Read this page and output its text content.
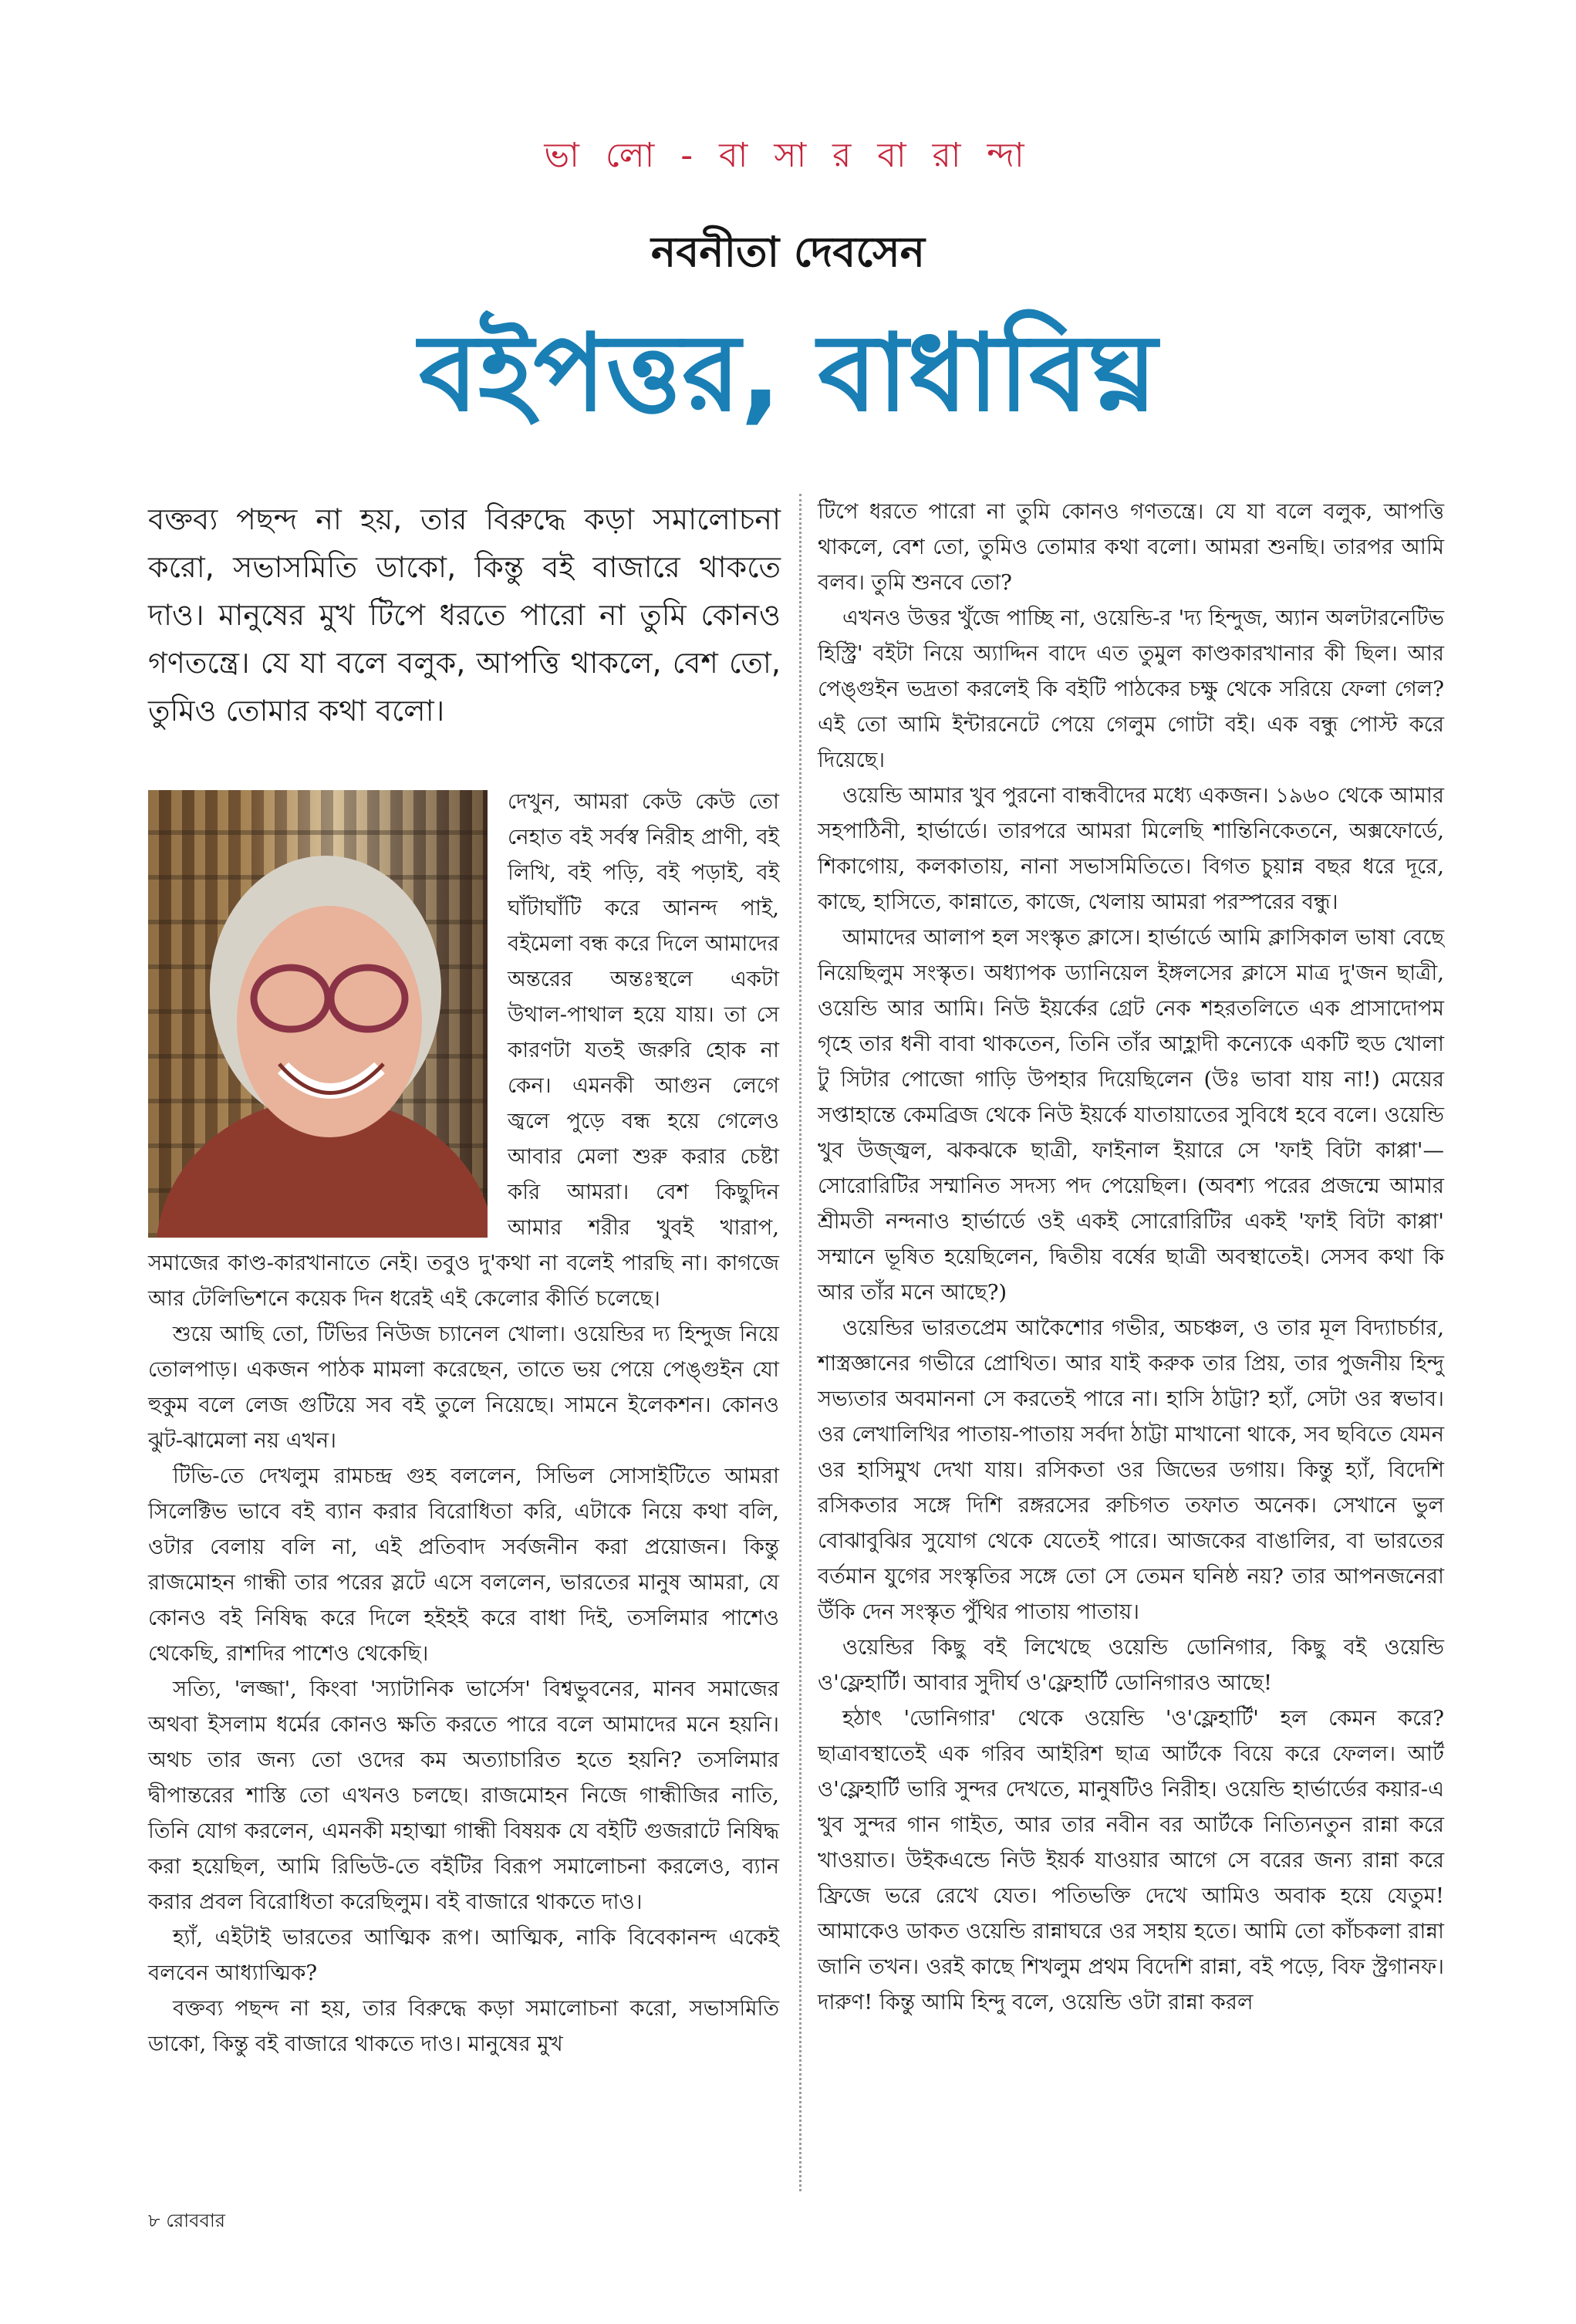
ভা লো - বা সা র বা রা ন্দা
নবনীতা দেবসেন
বইপত্তর, বাধাবিঘ্ন
বক্তব্য পছন্দ না হয়, তার বিরুদ্ধে কড়া সমালোচনা করো, সভাসমিতি ডাকো, কিন্তু বই বাজারে থাকতে দাও। মানুষের মুখ টিপে ধরতে পারো না তুমি কোনও গণতন্ত্রে। যে যা বলে বলুক, আপত্তি থাকলে, বেশ তো, তুমিও তোমার কথা বলো।

দেখুন, আমরা কেউ কেউ তো নেহাত বই সর্বস্ব নিরীহ প্রাণী, বই লিখি, বই পড়ি, বই পড়াই, বই ঘাঁটাঘাঁটি করে আনন্দ পাই, বইমেলা বন্ধ করে দিলে আমাদের অন্তরের অন্তঃস্থলে একটা উথাল-পাথাল হয়ে যায়। তা সে কারণটা যতই জরুরি হোক না কেন। এমনকী আগুন লেগে জ্বলে পুড়ে বন্ধ হয়ে গেলেও আবার মেলা শুরু করার চেষ্টা করি আমরা। বেশ কিছুদিন আমার শরীর খুবই খারাপ, সমাজের কাণ্ড-কারখানাতে নেই। তবুও দু'কথা না বলেই পারছি না। কাগজে আর টেলিভিশনে কয়েক দিন ধরেই এই কেলোর কীর্তি চলেছে।

শুয়ে আছি তো, টিভির নিউজ চ্যানেল খোলা। ওয়েন্ডির দ্য হিন্দুজ নিয়ে তোলপাড়। একজন পাঠক মামলা করেছেন, তাতে ভয় পেয়ে পেঙ্গুইন যো হুকুম বলে লেজ গুটিয়ে সব বই তুলে নিয়েছে। সামনে ইলেকশন। কোনও ঝুট-ঝামেলা নয় এখন।

টিভি-তে দেখলুম রামচন্দ্র গুহ বললেন, সিভিল সোসাইটিতে আমরা সিলেক্টিভ ভাবে বই ব্যান করার বিরোধিতা করি, এটাকে নিয়ে কথা বলি, ওটার বেলায় বলি না, এই প্রতিবাদ সর্বজনীন করা প্রয়োজন। কিন্তু রাজমোহন গান্ধী তার পরের স্লটে এসে বললেন, ভারতের মানুষ আমরা, যে কোনও বই নিষিদ্ধ করে দিলে হইহই করে বাধা দিই, তসলিমার পাশেও থেকেছি, রাশদির পাশেও থেকেছি।

সত্যি, 'লজ্জা', কিংবা 'স্যাটানিক ভার্সেস' বিশ্বভুবনের, মানব সমাজের অথবা ইসলাম ধর্মের কোনও ক্ষতি করতে পারে বলে আমাদের মনে হয়নি। অথচ তার জন্য তো ওদের কম অত্যাচারিত হতে হয়নি? তসলিমার দ্বীপান্তরের শাস্তি তো এখনও চলছে। রাজমোহন নিজে গান্ধীজির নাতি, তিনি যোগ করলেন, এমনকী মহাত্মা গান্ধী বিষয়ক যে বইটি গুজরাটে নিষিদ্ধ করা হয়েছিল, আমি রিভিউ-তে বইটির বিরূপ সমালোচনা করলেও, ব্যান করার প্রবল বিরোধিতা করেছিলুম। বই বাজারে থাকতে দাও।

হ্যাঁ, এইটাই ভারতের আত্মিক রূপ। আত্মিক, নাকি বিবেকানন্দ একেই বলবেন আধ্যাত্মিক?

বক্তব্য পছন্দ না হয়, তার বিরুদ্ধে কড়া সমালোচনা করো, সভাসমিতি ডাকো, কিন্তু বই বাজারে থাকতে দাও। মানুষের মুখ

টিপে ধরতে পারো না তুমি কোনও গণতন্ত্রে। যে যা বলে বলুক, আপত্তি থাকলে, বেশ তো, তুমিও তোমার কথা বলো। আমরা শুনছি। তারপর আমি বলব। তুমি শুনবে তো?

এখনও উত্তর খুঁজে পাচ্ছি না, ওয়েন্ডি-র 'দ্য হিন্দুজ, অ্যান অলটারনেটিভ হিস্ট্রি' বইটা নিয়ে অ্যাদ্দিন বাদে এত তুমুল কাণ্ডকারখানার কী ছিল। আর পেঙ্গুইন ভদ্রতা করলেই কি বইটি পাঠকের চক্ষু থেকে সরিয়ে ফেলা গেল? এই তো আমি ইন্টারনেটে পেয়ে গেলুম গোটা বই। এক বন্ধু পোস্ট করে দিয়েছে।

ওয়েন্ডি আমার খুব পুরনো বান্ধবীদের মধ্যে একজন। ১৯৬০ থেকে আমার সহপাঠিনী, হার্ভার্ডে। তারপরে আমরা মিলেছি শান্তিনিকেতনে, অক্সফোর্ডে, শিকাগোয়, কলকাতায়, নানা সভাসমিতিতে। বিগত চুয়ান্ন বছর ধরে দূরে, কাছে, হাসিতে, কান্নাতে, কাজে, খেলায় আমরা পরস্পরের বন্ধু।

আমাদের আলাপ হল সংস্কৃত ক্লাসে। হার্ভার্ডে আমি ক্লাসিকাল ভাষা বেছে নিয়েছিলুম সংস্কৃত। অধ্যাপক ড্যানিয়েল ইঙ্গলসের ক্লাসে মাত্র দু'জন ছাত্রী, ওয়েন্ডি আর আমি। নিউ ইয়র্কের গ্রেট নেক শহরতলিতে এক প্রাসাদোপম গৃহে তার ধনী বাবা থাকতেন, তিনি তাঁর আহ্লাদী কন্যেকে একটি হুড খোলা টু সিটার পোজো গাড়ি উপহার দিয়েছিলেন (উঃ ভাবা যায় না!) মেয়ের সপ্তাহান্তে কেমব্রিজ থেকে নিউ ইয়র্কে যাতায়াতের সুবিধে হবে বলে। ওয়েন্ডি খুব উজ্জ্বল, ঝকঝকে ছাত্রী, ফাইনাল ইয়ারে সে 'ফাই বিটা কাপ্পা'—সোরোরিটির সম্মানিত সদস্য পদ পেয়েছিল। (অবশ্য পরের প্রজন্মে আমার শ্রীমতী নন্দনাও হার্ভার্ডে ওই একই সোরোরিটির একই 'ফাই বিটা কাপ্পা' সম্মানে ভূষিত হয়েছিলেন, দ্বিতীয় বর্ষের ছাত্রী অবস্থাতেই। সেসব কথা কি আর তাঁর মনে আছে?)

ওয়েন্ডির ভারতপ্রেম আকৈশোর গভীর, অচঞ্চল, ও তার মূল বিদ্যাচর্চার, শাস্ত্রজ্ঞানের গভীরে প্রোথিত। আর যাই করুক তার প্রিয়, তার পুজনীয় হিন্দু সভ্যতার অবমাননা সে করতেই পারে না। হাসি ঠাট্টা? হ্যাঁ, সেটা ওর স্বভাব। ওর লেখালিখির পাতায়-পাতায় সর্বদা ঠাট্টা মাখানো থাকে, সব ছবিতে যেমন ওর হাসিমুখ দেখা যায়। রসিকতা ওর জিভের ডগায়। কিন্তু হ্যাঁ, বিদেশি রসিকতার সঙ্গে দিশি রঙ্গরসের রুচিগত তফাত অনেক। সেখানে ভুল বোঝাবুঝির সুযোগ থেকে যেতেই পারে। আজকের বাঙালির, বা ভারতের বর্তমান যুগের সংস্কৃতির সঙ্গে তো সে তেমন ঘনিষ্ঠ নয়? তার আপনজনেরা উঁকি দেন সংস্কৃত পুঁথির পাতায় পাতায়।

ওয়েন্ডির কিছু বই লিখেছে ওয়েন্ডি ডোনিগার, কিছু বই ওয়েন্ডি ও'ফ্লেহার্টি। আবার সুদীর্ঘ ও'ফ্লেহার্টি ডোনিগারও আছে!

হঠাৎ 'ডোনিগার' থেকে ওয়েন্ডি 'ও'ফ্লেহার্টি' হল কেমন করে? ছাত্রাবস্থাতেই এক গরিব আইরিশ ছাত্র আর্টকে বিয়ে করে ফেলল। আর্ট ও'ফ্লেহার্টি ভারি সুন্দর দেখতে, মানুষটিও নিরীহ। ওয়েন্ডি হার্ভার্ডের কয়ার-এ খুব সুন্দর গান গাইত, আর তার নবীন বর আর্টকে নিত্যিনতুন রান্না করে খাওয়াত। উইকএন্ডে নিউ ইয়র্ক যাওয়ার আগে সে বরের জন্য রান্না করে ফ্রিজে ভরে রেখে যেত। পতিভক্তি দেখে আমিও অবাক হয়ে যেতুম! আমাকেও ডাকত ওয়েন্ডি রান্নাঘরে ওর সহায় হতে। আমি তো কাঁচকলা রান্না জানি তখন। ওরই কাছে শিখলুম প্রথম বিদেশি রান্না, বই পড়ে, বিফ স্ট্রগানফ। দারুণ! কিন্তু আমি হিন্দু বলে, ওয়েন্ডি ওটা রান্না করল

৮ রোববার
